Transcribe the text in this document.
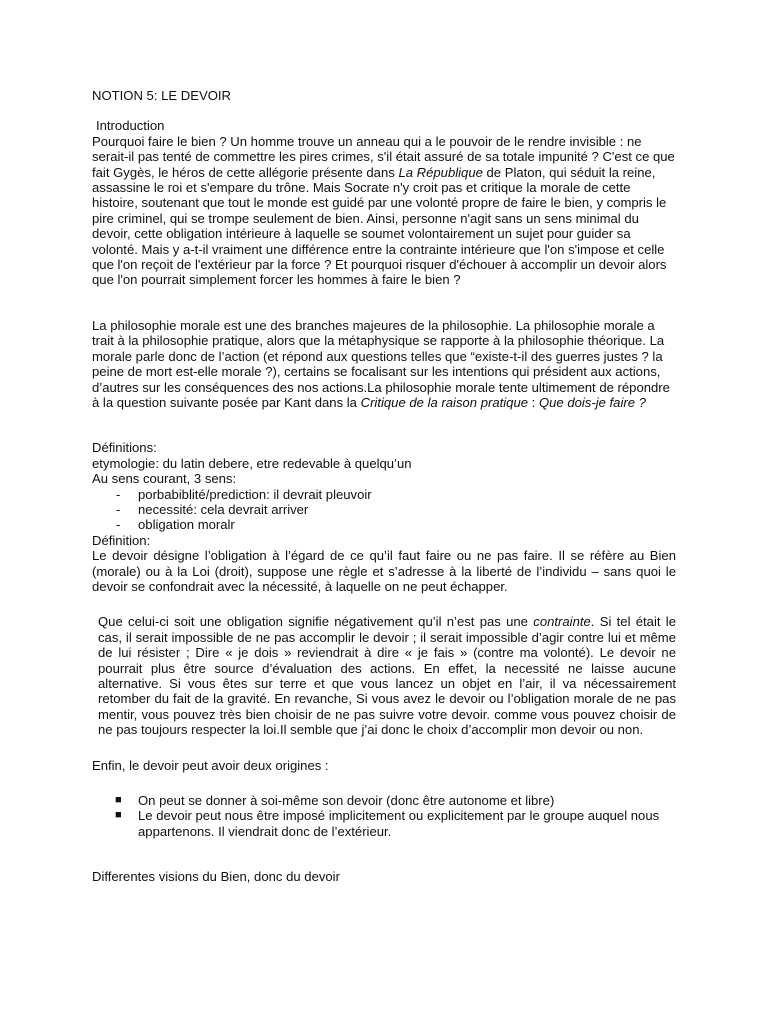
NOTION 5: LE DEVOIR

Introduction

Pourquoi faire le bien ? Un homme trouve un anneau qui a le pouvoir de le rendre invisible : ne serait-il pas tenté de commettre les pires crimes, s'il était assuré de sa totale impunité ? C'est ce que fait Gygès, le héros de cette allégorie présente dans La République de Platon, qui séduit la reine, assassine le roi et s'empare du trône. Mais Socrate n'y croit pas et critique la morale de cette histoire, soutenant que tout le monde est guidé par une volonté propre de faire le bien, y compris le pire criminel, qui se trompe seulement de bien. Ainsi, personne n'agit sans un sens minimal du devoir, cette obligation intérieure à laquelle se soumet volontairement un sujet pour guider sa volonté. Mais y a-t-il vraiment une différence entre la contrainte intérieure que l'on s'impose et celle que l'on reçoit de l'extérieur par la force ? Et pourquoi risquer d'échouer à accomplir un devoir alors que l'on pourrait simplement forcer les hommes à faire le bien ?

La philosophie morale est une des branches majeures de la philosophie. La philosophie morale a trait à la philosophie pratique, alors que la métaphysique se rapporte à la philosophie théorique. La morale parle donc de l’action (et répond aux questions telles que “existe-t-il des guerres justes ? la peine de mort est-elle morale ?), certains se focalisant sur les intentions qui président aux actions, d’autres sur les conséquences des nos actions.La philosophie morale tente ultimement de répondre à la question suivante posée par Kant dans la Critique de la raison pratique : Que dois-je faire ?

Définitions:

etymologie: du latin debere, etre redevable à quelqu’un

Au sens courant, 3 sens:

- porbabiblité/prediction: il devrait pleuvoir
- necessité: cela devrait arriver
- obligation moralr

Définition:

Le devoir désigne l’obligation à l’égard de ce qu’il faut faire ou ne pas faire. Il se réfère au Bien (morale) ou à la Loi (droit), suppose une règle et s’adresse à la liberté de l’individu – sans quoi le devoir se confondrait avec la nécessité, à laquelle on ne peut échapper.

Que celui-ci soit une obligation signifie négativement qu’il n’est pas une contrainte. Si tel était le cas, il serait impossible de ne pas accomplir le devoir ; il serait impossible d’agir contre lui et même de lui résister ; Dire « je dois » reviendrait à dire « je fais » (contre ma volonté). Le devoir ne pourrait plus être source d’évaluation des actions. En effet, la necessité ne laisse aucune alternative. Si vous êtes sur terre et que vous lancez un objet en l’air, il va nécessairement retomber du fait de la gravité. En revanche, Si vous avez le devoir ou l’obligation morale de ne pas mentir, vous pouvez très bien choisir de ne pas suivre votre devoir. comme vous pouvez choisir de ne pas toujours respecter la loi.Il semble que j’ai donc le choix d’accomplir mon devoir ou non.

Enfin, le devoir peut avoir deux origines :

■ On peut se donner à soi-même son devoir (donc être autonome et libre)
■ Le devoir peut nous être imposé implicitement ou explicitement par le groupe auquel nous appartenons. Il viendrait donc de l’extérieur.

Differentes visions du Bien, donc du devoir
